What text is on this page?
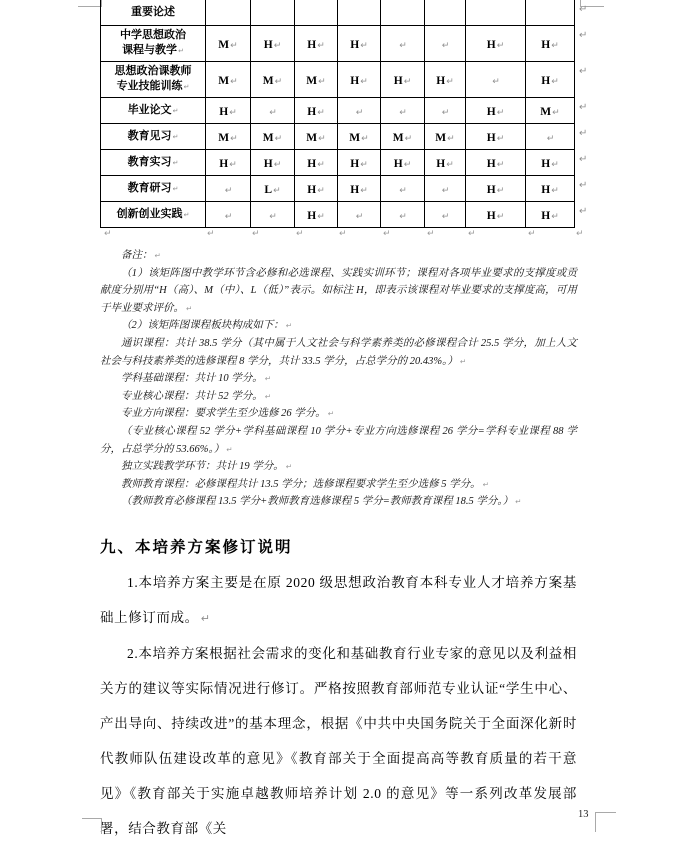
重要论述								

中学思想政治
课程与教学↵	M↵	H↵	H↵	H↵	↵	↵	H↵	H↵

思想政治课教师
专业技能训练↵	M↵	M↵	M↵	H↵	H↵	H↵	↵	H↵

毕业论文↵	H↵	↵	H↵	↵	↵	↵	H↵	M↵

教育见习↵	M↵	M↵	M↵	M↵	M↵	M↵	H↵	↵

教育实习↵	H↵	H↵	H↵	H↵	H↵	H↵	H↵	H↵

教育研习↵	↵	L↵	H↵	H↵	↵	↵	H↵	H↵

创新创业实践↵	↵	↵	H↵	↵	↵	↵	H↵	H↵
↵
↵
↵
↵
↵
↵
↵
↵
↵	↵	↵	↵	↵	↵	↵	↵	↵	↵

备注： ↵

（1）该矩阵图中教学环节含必修和必选课程、实践实训环节；课程对各项毕业要求的支撑度或贡献度分别用“H（高）、M（中）、L（低）”表示。如标注 H，即表示该课程对毕业要求的支撑度高，可用于毕业要求评价。 ↵

（2）该矩阵图课程板块构成如下： ↵

通识课程：共计 38.5 学分（其中属于人文社会与科学素养类的必修课程合计 25.5 学分，加上人文社会与科技素养类的选修课程 8 学分，共计 33.5 学分，占总学分的 20.43%。） ↵

学科基础课程：共计 10 学分。 ↵

专业核心课程：共计 52 学分。 ↵

专业方向课程：要求学生至少选修 26 学分。 ↵

（专业核心课程 52 学分+学科基础课程 10 学分+专业方向选修课程 26 学分=学科专业课程 88 学分，占总学分的 53.66%。） ↵

独立实践教学环节：共计 19 学分。 ↵

教师教育课程：必修课程共计 13.5 学分；选修课程要求学生至少选修 5 学分。 ↵

（教师教育必修课程 13.5 学分+教师教育选修课程 5 学分=教师教育课程 18.5 学分。） ↵

九、本培养方案修订说明

1.本培养方案主要是在原 2020 级思想政治教育本科专业人才培养方案基础上修订而成。 ↵

2.本培养方案根据社会需求的变化和基础教育行业专家的意见以及利益相关方的建议等实际情况进行修订。严格按照教育部师范专业认证“学生中心、产出导向、持续改进”的基本理念，根据《中共中央国务院关于全面深化新时代教师队伍建设改革的意见》《教育部关于全面提高高等教育质量的若干意见》《教育部关于实施卓越教师培养计划 2.0 的意见》等一系列改革发展部署，结合教育部《关

13
